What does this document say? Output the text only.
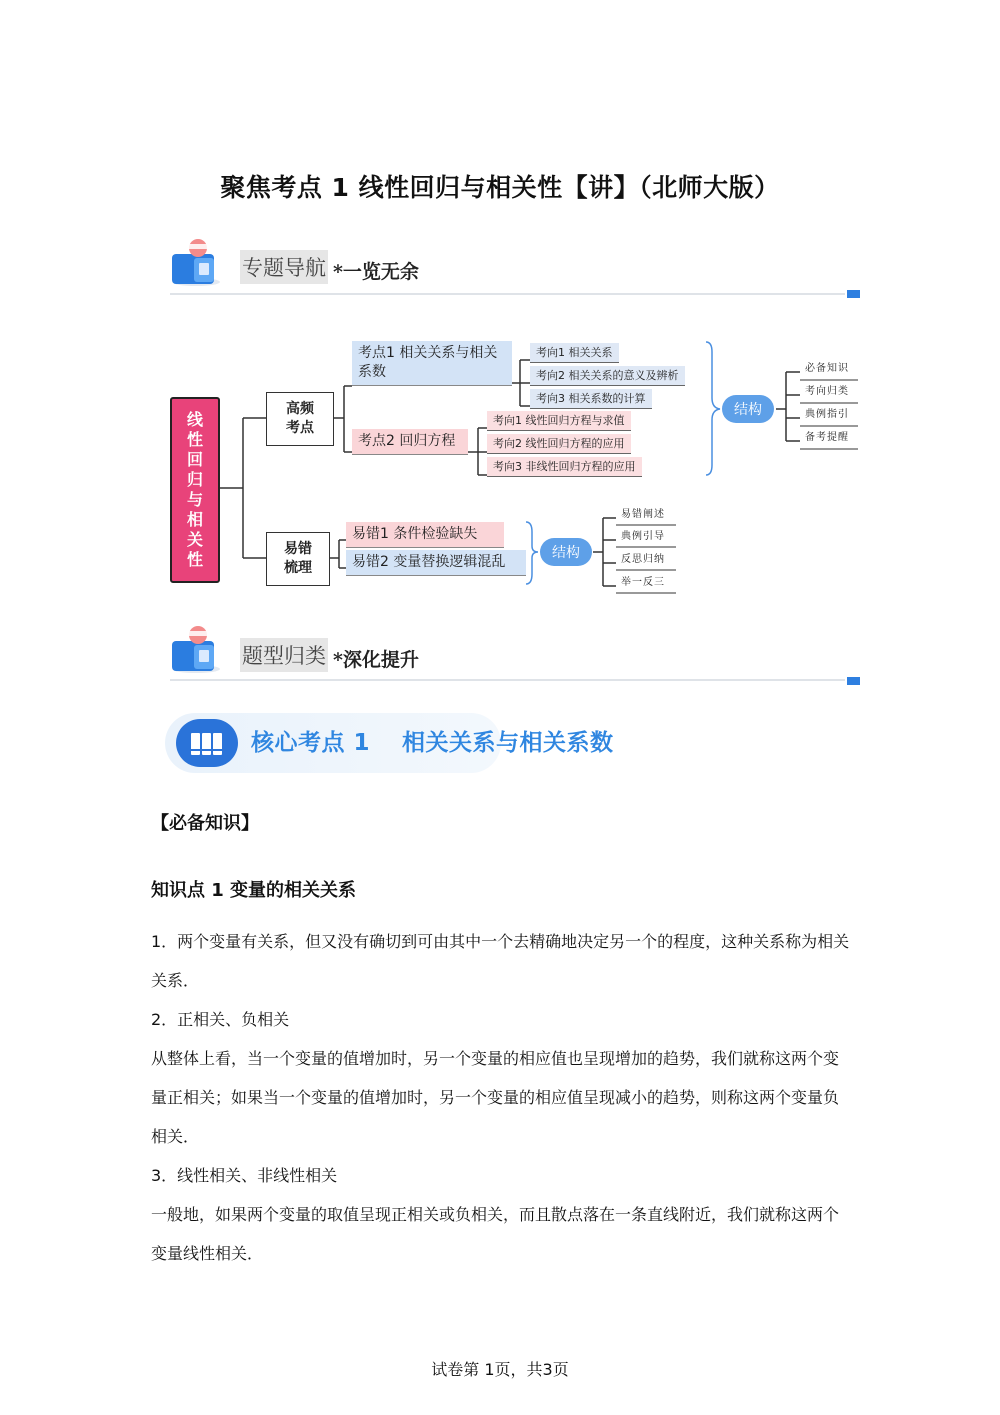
聚焦考点 1 线性回归与相关性【讲】（北师大版）
专题导航 *一览无余
线
性
回
归
与
相
关
性
高频
考点
易错
梳理
考点1 相关关系与相关
系数
考点2 回归方程
考向1 相关关系
考向2 相关关系的意义及辨析
考向3 相关系数的计算
考向1 线性回归方程与求值
考向2 线性回归方程的应用
考向3 非线性回归方程的应用
结构
必备知识
考向归类
典例指引
备考提醒
易错1 条件检验缺失
易错2 变量替换逻辑混乱
结构
易错阐述
典例引导
反思归纳
举一反三
题型归类 *深化提升
核心考点 1 相关关系与相关系数
【必备知识】
知识点 1 变量的相关关系

1．两个变量有关系，但又没有确切到可由其中一个去精确地决定另一个的程度，这种关系称为相关关系．

2．正相关、负相关

从整体上看，当一个变量的值增加时，另一个变量的相应值也呈现增加的趋势，我们就称这两个变量正相关；如果当一个变量的值增加时，另一个变量的相应值呈现减小的趋势，则称这两个变量负相关．

3．线性相关、非线性相关

一般地，如果两个变量的取值呈现正相关或负相关，而且散点落在一条直线附近，我们就称这两个变量线性相关．

试卷第 1页，共3页
